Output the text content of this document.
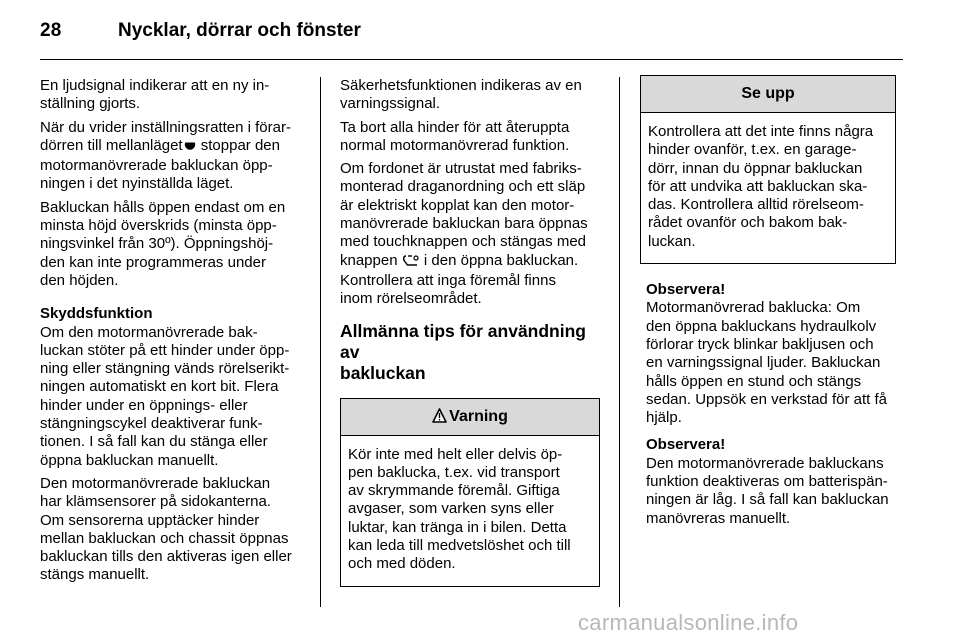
28	Nycklar, dörrar och fönster

En ljudsignal indikerar att en ny in-
ställning gjorts.

När du vrider inställningsratten i förar-
dörren till mellanläget stoppar den
motormanövrerade bakluckan öpp-
ningen i det nyinställda läget.

Bakluckan hålls öppen endast om en
minsta höjd överskrids (minsta öpp-
ningsvinkel från 30º). Öppningshöj-
den kan inte programmeras under
den höjden.

Skyddsfunktion

Om den motormanövrerade bak-
luckan stöter på ett hinder under öpp-
ning eller stängning vänds rörelserikt-
ningen automatiskt en kort bit. Flera
hinder under en öppnings- eller
stängningscykel deaktiverar funk-
tionen. I så fall kan du stänga eller
öppna bakluckan manuellt.

Den motormanövrerade bakluckan
har klämsensorer på sidokanterna.
Om sensorerna upptäcker hinder
mellan bakluckan och chassit öppnas
bakluckan tills den aktiveras igen eller
stängs manuellt.

Säkerhetsfunktionen indikeras av en
varningssignal.

Ta bort alla hinder för att återuppta
normal motormanövrerad funktion.

Om fordonet är utrustat med fabriks-
monterad draganordning och ett släp
är elektriskt kopplat kan den motor-
manövrerade bakluckan bara öppnas
med touchknappen och stängas med
knappen  i den öppna bakluckan.
Kontrollera att inga föremål finns
inom rörelseområdet.

Allmänna tips för användning av
bakluckan
Varning
Kör inte med helt eller delvis öp-
pen baklucka, t.ex. vid transport
av skrymmande föremål. Giftiga
avgaser, som varken syns eller
luktar, kan tränga in i bilen. Detta
kan leda till medvetslöshet och till
och med döden.
Se upp
Kontrollera att det inte finns några
hinder ovanför, t.ex. en garage-
dörr, innan du öppnar bakluckan
för att undvika att bakluckan ska-
das. Kontrollera alltid rörelseom-
rådet ovanför och bakom bak-
luckan.
Observera!

Motormanövrerad baklucka: Om
den öppna bakluckans hydraulkolv
förlorar tryck blinkar bakljusen och
en varningssignal ljuder. Bakluckan
hålls öppen en stund och stängs
sedan. Uppsök en verkstad för att få
hjälp.

Observera!

Den motormanövrerade bakluckans
funktion deaktiveras om batterispän-
ningen är låg. I så fall kan bakluckan
manövreras manuellt.

carmanualsonline.info
